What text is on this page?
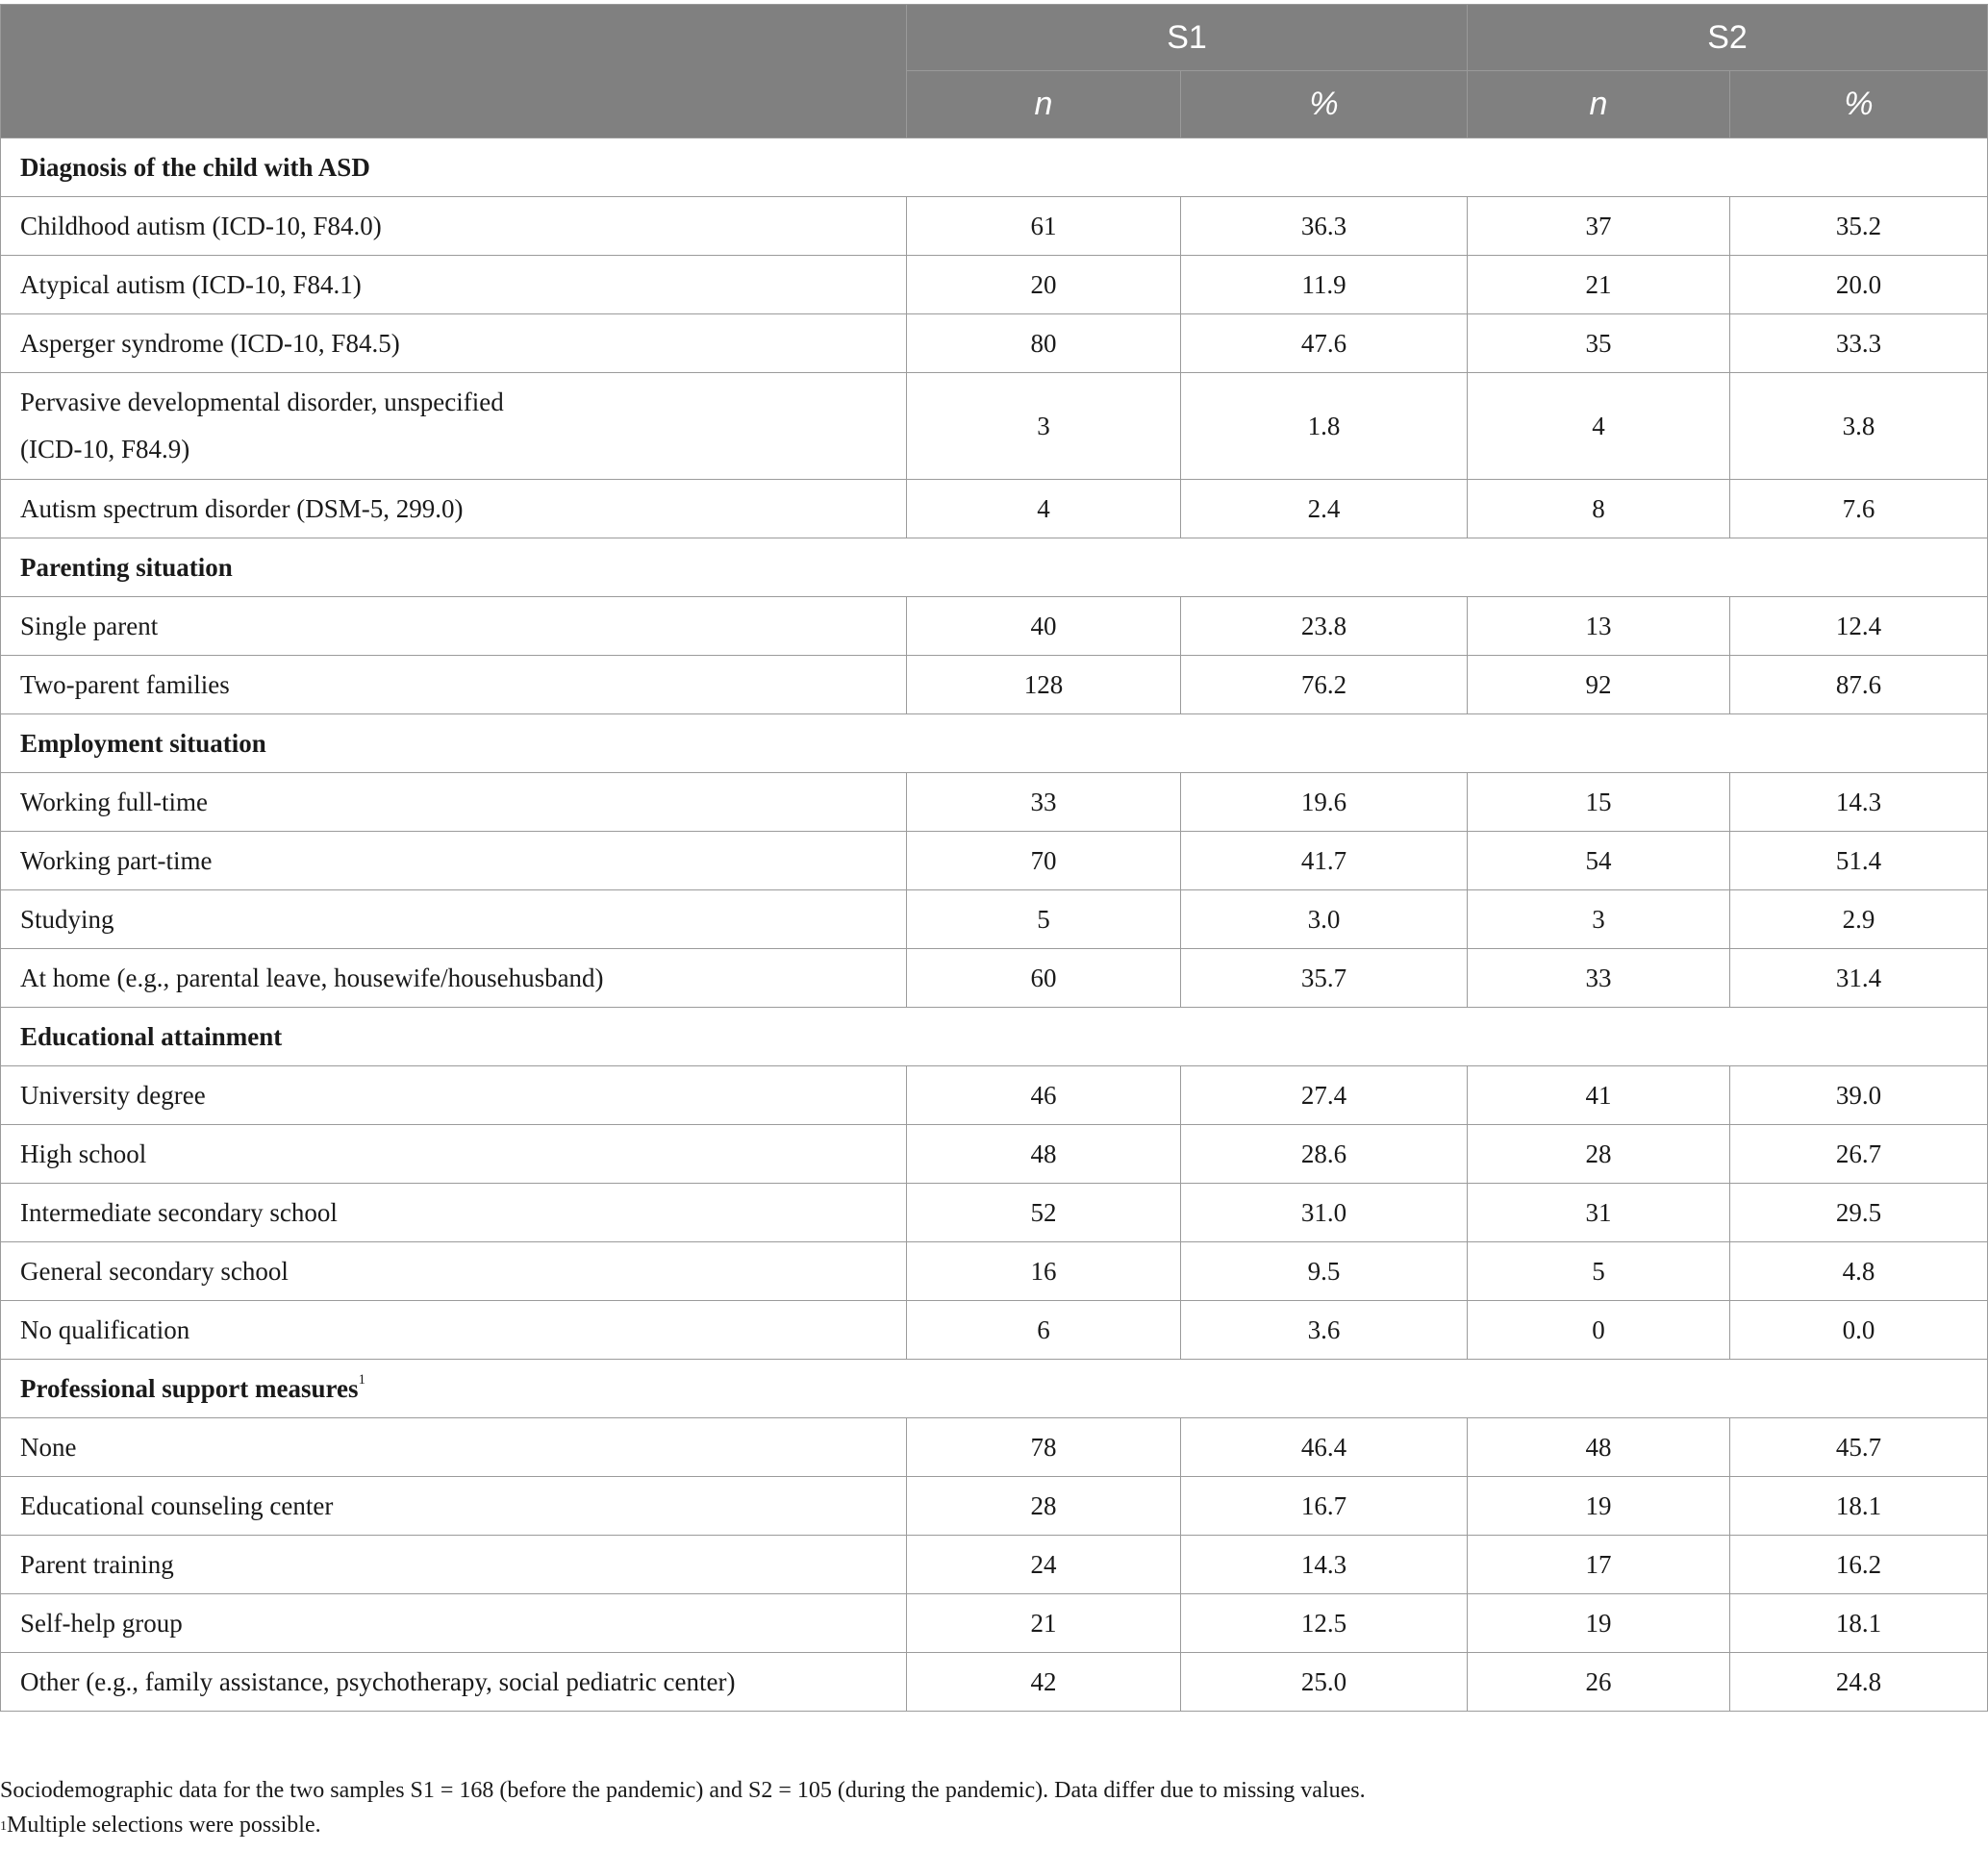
	S1		S2	
	n	%	n	%
Diagnosis of the child with ASD				
Childhood autism (ICD-10, F84.0)	61	36.3	37	35.2
Atypical autism (ICD-10, F84.1)	20	11.9	21	20.0
Asperger syndrome (ICD-10, F84.5)	80	47.6	35	33.3
Pervasive developmental disorder, unspecified
(ICD-10, F84.9)	3	1.8	4	3.8
Autism spectrum disorder (DSM-5, 299.0)	4	2.4	8	7.6
Parenting situation				
Single parent	40	23.8	13	12.4
Two-parent families	128	76.2	92	87.6
Employment situation				
Working full-time	33	19.6	15	14.3
Working part-time	70	41.7	54	51.4
Studying	5	3.0	3	2.9
At home (e.g., parental leave, housewife/househusband)	60	35.7	33	31.4
Educational attainment				
University degree	46	27.4	41	39.0
High school	48	28.6	28	26.7
Intermediate secondary school	52	31.0	31	29.5
General secondary school	16	9.5	5	4.8
No qualification	6	3.6	0	0.0
Professional support measures$^1$
None	78	46.4	48	45.7
Educational counseling center	28	16.7	19	18.1
Parent training	24	14.3	17	16.2
Self-help group	21	12.5	19	18.1
Other (e.g., family assistance, psychotherapy, social pediatric center)	42	25.0	26	24.8
Sociodemographic data for the two samples S1 = 168 (before the pandemic) and S2 = 105 (during the pandemic). Data differ due to missing values.
$^1$Multiple selections were possible.
